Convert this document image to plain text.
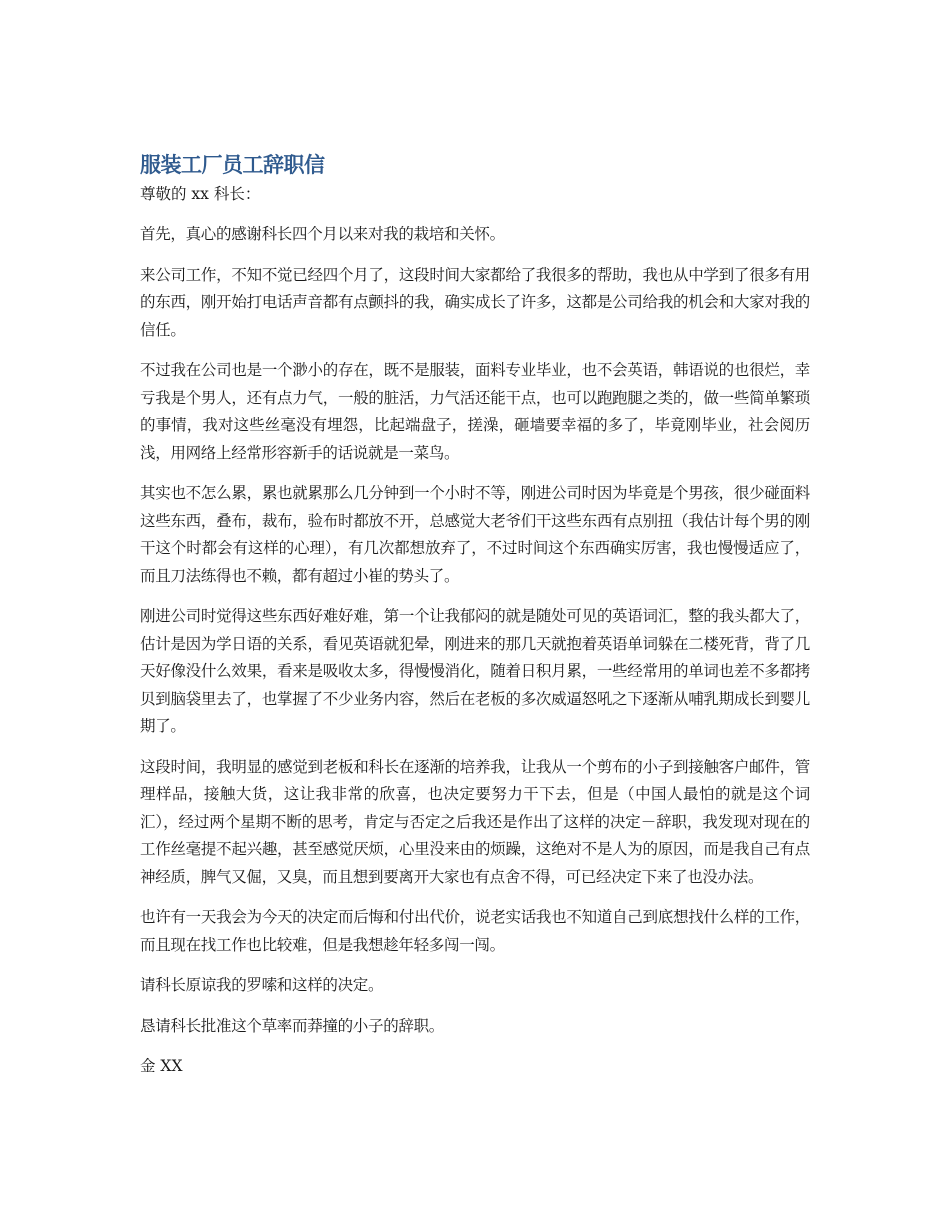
服装工厂员工辞职信

尊敬的 xx 科长：

首先，真心的感谢科长四个月以来对我的栽培和关怀。

来公司工作，不知不觉已经四个月了，这段时间大家都给了我很多的帮助，我也从中学到了很多有用的东西，刚开始打电话声音都有点颤抖的我，确实成长了许多，这都是公司给我的机会和大家对我的信任。

不过我在公司也是一个渺小的存在，既不是服装，面料专业毕业，也不会英语，韩语说的也很烂，幸亏我是个男人，还有点力气，一般的脏活，力气活还能干点，也可以跑跑腿之类的，做一些简单繁琐的事情，我对这些丝毫没有埋怨，比起端盘子，搓澡，砸墙要幸福的多了，毕竟刚毕业，社会阅历浅，用网络上经常形容新手的话说就是一菜鸟。

其实也不怎么累，累也就累那么几分钟到一个小时不等，刚进公司时因为毕竟是个男孩，很少碰面料这些东西，叠布，裁布，验布时都放不开，总感觉大老爷们干这些东西有点别扭（我估计每个男的刚干这个时都会有这样的心理），有几次都想放弃了，不过时间这个东西确实厉害，我也慢慢适应了，而且刀法练得也不赖，都有超过小崔的势头了。

刚进公司时觉得这些东西好难好难，第一个让我郁闷的就是随处可见的英语词汇，整的我头都大了，估计是因为学日语的关系，看见英语就犯晕，刚进来的那几天就抱着英语单词躲在二楼死背，背了几天好像没什么效果，看来是吸收太多，得慢慢消化，随着日积月累，一些经常用的单词也差不多都拷贝到脑袋里去了，也掌握了不少业务内容，然后在老板的多次威逼怒吼之下逐渐从哺乳期成长到婴儿期了。

这段时间，我明显的感觉到老板和科长在逐渐的培养我，让我从一个剪布的小子到接触客户邮件，管理样品，接触大货，这让我非常的欣喜，也决定要努力干下去，但是（中国人最怕的就是这个词汇），经过两个星期不断的思考，肯定与否定之后我还是作出了这样的决定－辞职，我发现对现在的工作丝毫提不起兴趣，甚至感觉厌烦，心里没来由的烦躁，这绝对不是人为的原因，而是我自己有点神经质，脾气又倔，又臭，而且想到要离开大家也有点舍不得，可已经决定下来了也没办法。

也许有一天我会为今天的决定而后悔和付出代价，说老实话我也不知道自己到底想找什么样的工作，而且现在找工作也比较难，但是我想趁年轻多闯一闯。

请科长原谅我的罗嗦和这样的决定。

恳请科长批准这个草率而莽撞的小子的辞职。

金 XX
